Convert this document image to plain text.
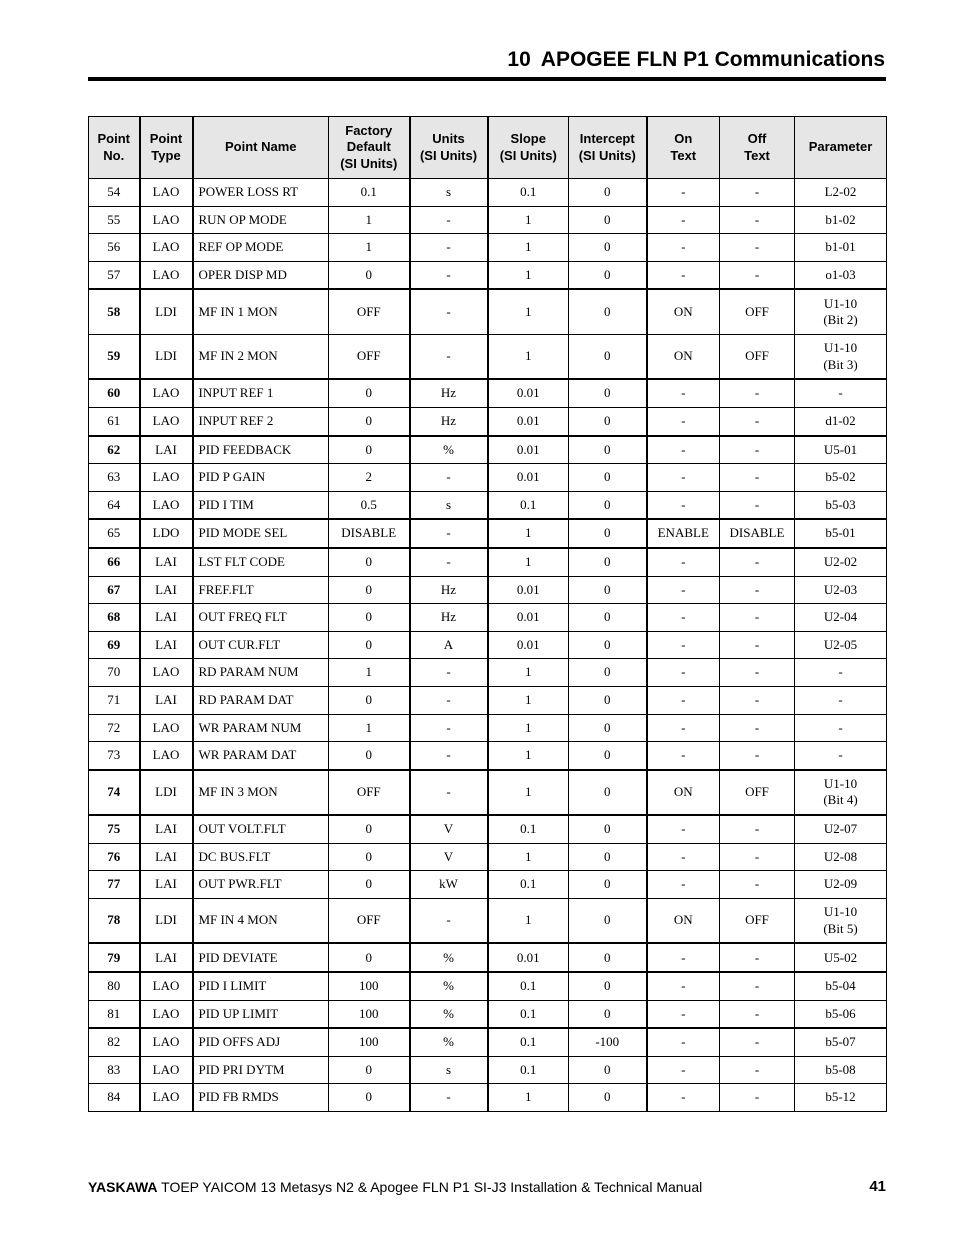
10 APOGEE FLN P1 Communications
Point
No.	Point
Type	Point Name	Factory
Default
(SI Units)	Units
(SI Units)	Slope
(SI Units)	Intercept
(SI Units)	On
Text	Off
Text	Parameter
54	LAO	POWER LOSS RT	0.1	s	0.1	0	-	-	L2-02
55	LAO	RUN OP MODE	1	-	1	0	-	-	b1-02
56	LAO	REF OP MODE	1	-	1	0	-	-	b1-01
57	LAO	OPER DISP MD	0	-	1	0	-	-	o1-03
58	LDI	MF IN 1 MON	OFF	-	1	0	ON	OFF	U1-10
(Bit 2)
59	LDI	MF IN 2 MON	OFF	-	1	0	ON	OFF	U1-10
(Bit 3)
60	LAO	INPUT REF 1	0	Hz	0.01	0	-	-	-
61	LAO	INPUT REF 2	0	Hz	0.01	0	-	-	d1-02
62	LAI	PID FEEDBACK	0	%	0.01	0	-	-	U5-01
63	LAO	PID P GAIN	2	-	0.01	0	-	-	b5-02
64	LAO	PID I TIM	0.5	s	0.1	0	-	-	b5-03
65	LDO	PID MODE SEL	DISABLE	-	1	0	ENABLE	DISABLE	b5-01
66	LAI	LST FLT CODE	0	-	1	0	-	-	U2-02
67	LAI	FREF.FLT	0	Hz	0.01	0	-	-	U2-03
68	LAI	OUT FREQ FLT	0	Hz	0.01	0	-	-	U2-04
69	LAI	OUT CUR.FLT	0	A	0.01	0	-	-	U2-05
70	LAO	RD PARAM NUM	1	-	1	0	-	-	-
71	LAI	RD PARAM DAT	0	-	1	0	-	-	-
72	LAO	WR PARAM NUM	1	-	1	0	-	-	-
73	LAO	WR PARAM DAT	0	-	1	0	-	-	-
74	LDI	MF IN 3 MON	OFF	-	1	0	ON	OFF	U1-10
(Bit 4)
75	LAI	OUT VOLT.FLT	0	V	0.1	0	-	-	U2-07
76	LAI	DC BUS.FLT	0	V	1	0	-	-	U2-08
77	LAI	OUT PWR.FLT	0	kW	0.1	0	-	-	U2-09
78	LDI	MF IN 4 MON	OFF	-	1	0	ON	OFF	U1-10
(Bit 5)
79	LAI	PID DEVIATE	0	%	0.01	0	-	-	U5-02
80	LAO	PID I LIMIT	100	%	0.1	0	-	-	b5-04
81	LAO	PID UP LIMIT	100	%	0.1	0	-	-	b5-06
82	LAO	PID OFFS ADJ	100	%	0.1	-100	-	-	b5-07
83	LAO	PID PRI DYTM	0	s	0.1	0	-	-	b5-08
84	LAO	PID FB RMDS	0	-	1	0	-	-	b5-12
YASKAWA TOEP YAICOM 13 Metasys N2 & Apogee FLN P1 SI-J3 Installation & Technical Manual	41
